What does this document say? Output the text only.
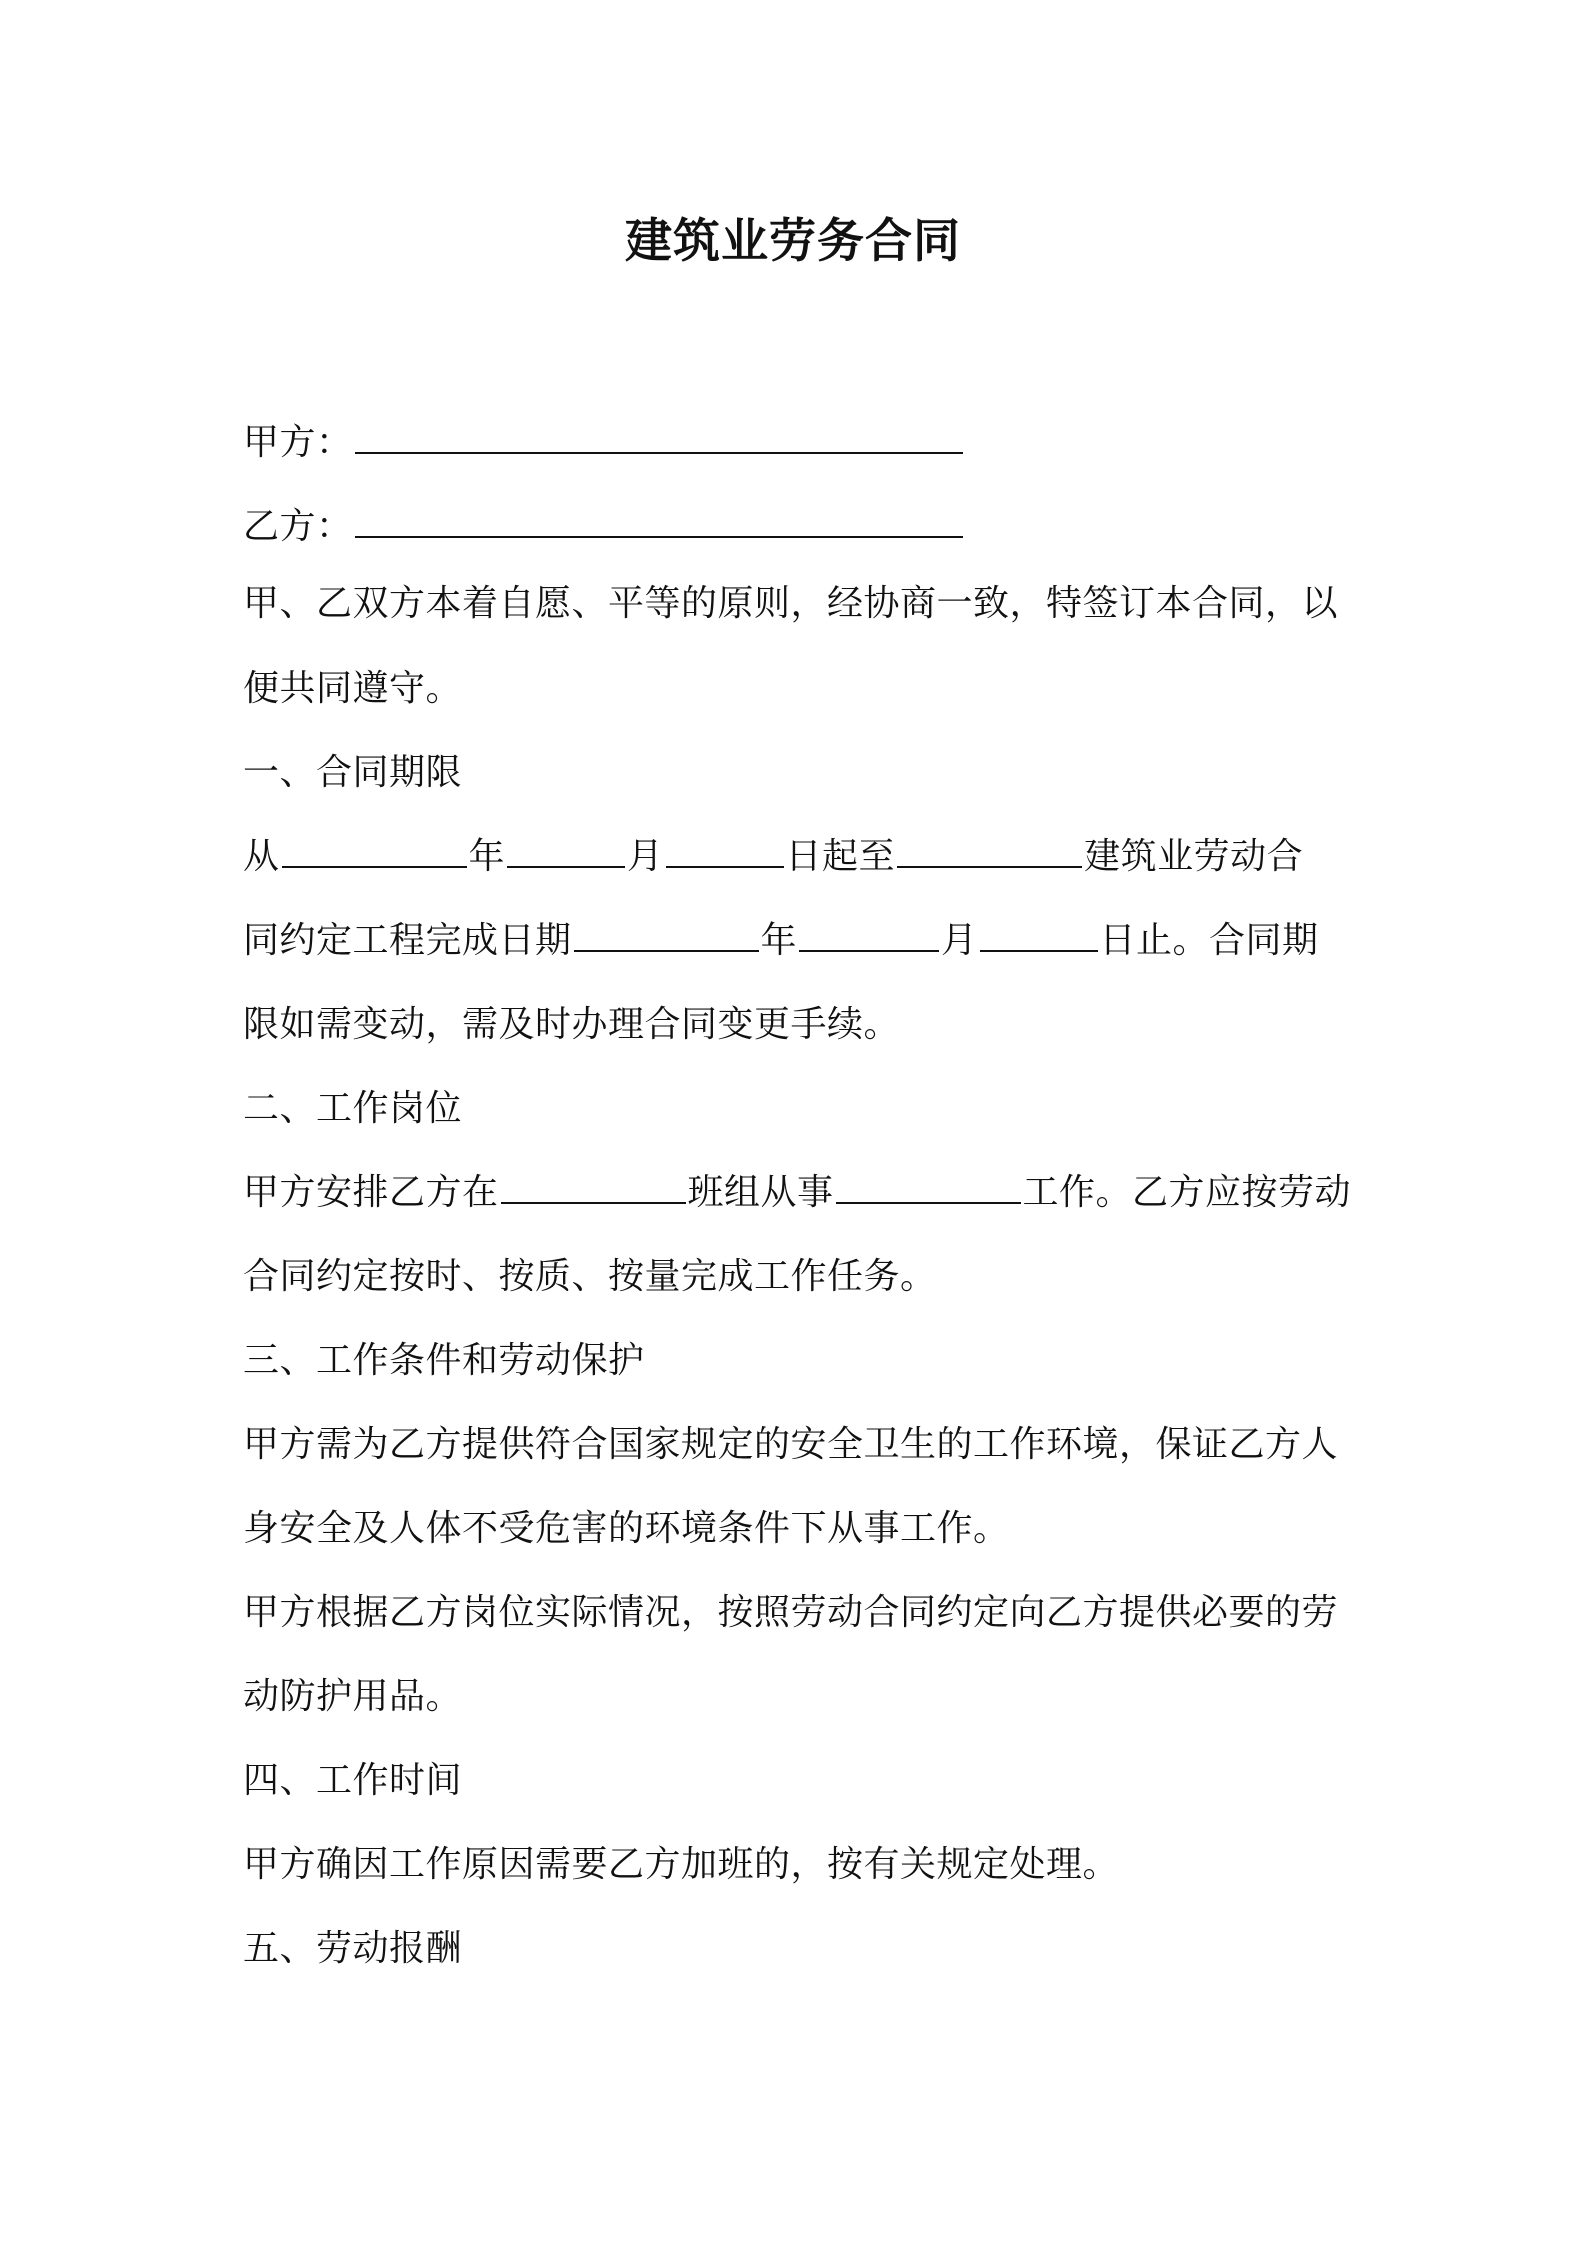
建筑业劳务合同
甲方：
乙方：
甲、乙双方本着自愿、平等的原则，经协商一致，特签订本合同，以
便共同遵守。
一、合同期限
从	年	月	日起至	建筑业劳动合
同约定工程完成日期	年	月	日止。合同期
限如需变动，需及时办理合同变更手续。
二、工作岗位
甲方安排乙方在	班组从事	工作。乙方应按劳动
合同约定按时、按质、按量完成工作任务。
三、工作条件和劳动保护
甲方需为乙方提供符合国家规定的安全卫生的工作环境，保证乙方人
身安全及人体不受危害的环境条件下从事工作。
甲方根据乙方岗位实际情况，按照劳动合同约定向乙方提供必要的劳
动防护用品。
四、工作时间
甲方确因工作原因需要乙方加班的，按有关规定处理。
五、劳动报酬
